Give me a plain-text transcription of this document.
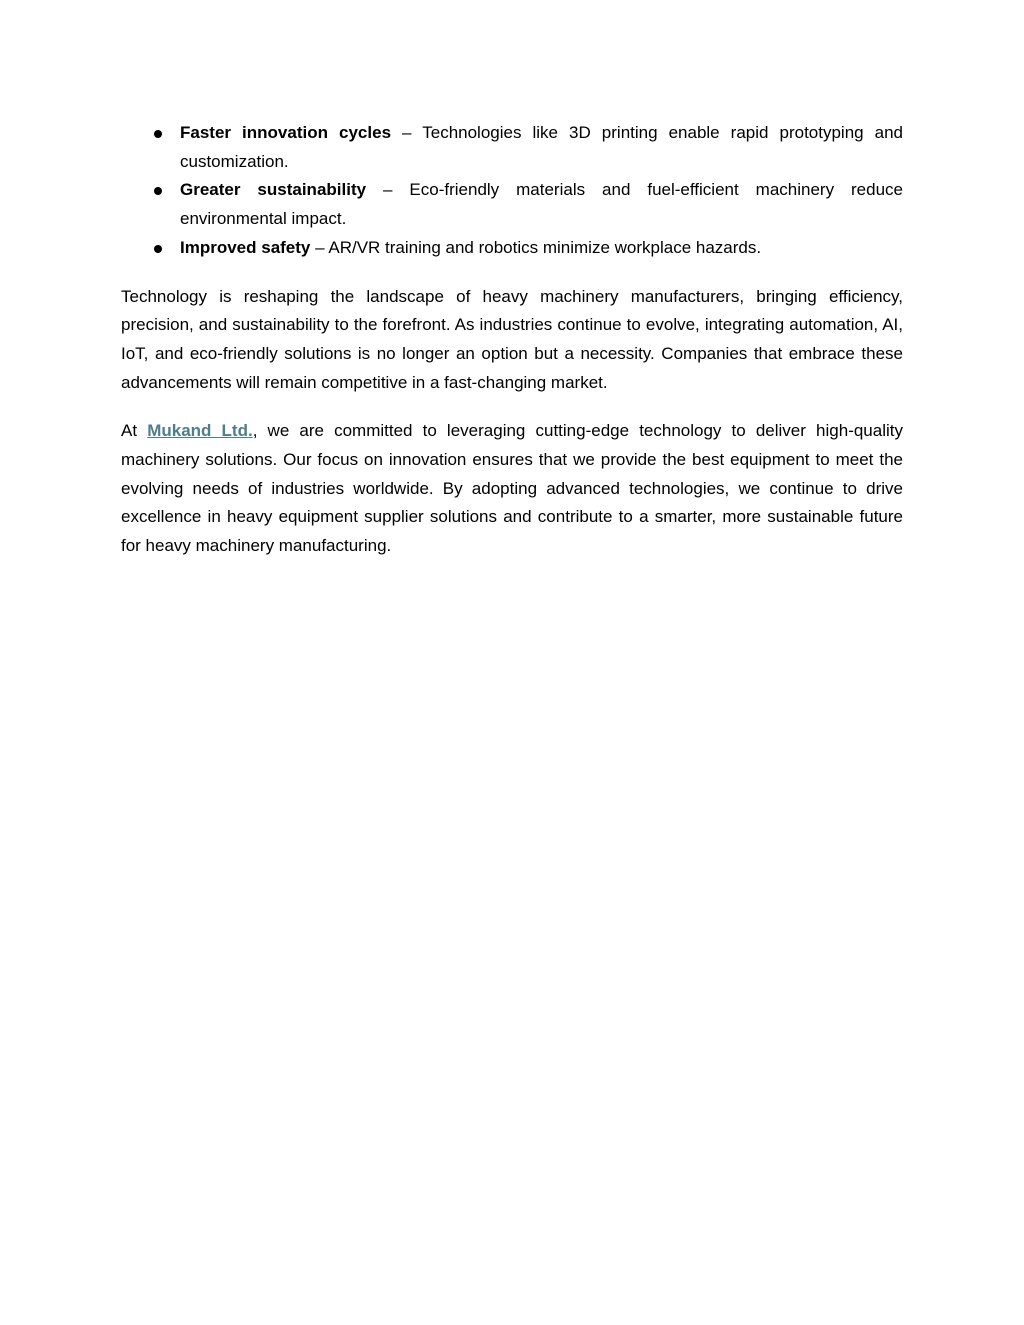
Faster innovation cycles – Technologies like 3D printing enable rapid prototyping and customization.
Greater sustainability – Eco-friendly materials and fuel-efficient machinery reduce environmental impact.
Improved safety – AR/VR training and robotics minimize workplace hazards.

Technology is reshaping the landscape of heavy machinery manufacturers, bringing efficiency, precision, and sustainability to the forefront. As industries continue to evolve, integrating automation, AI, IoT, and eco-friendly solutions is no longer an option but a necessity. Companies that embrace these advancements will remain competitive in a fast-changing market.

At Mukand Ltd., we are committed to leveraging cutting-edge technology to deliver high-quality machinery solutions. Our focus on innovation ensures that we provide the best equipment to meet the evolving needs of industries worldwide. By adopting advanced technologies, we continue to drive excellence in heavy equipment supplier solutions and contribute to a smarter, more sustainable future for heavy machinery manufacturing.
